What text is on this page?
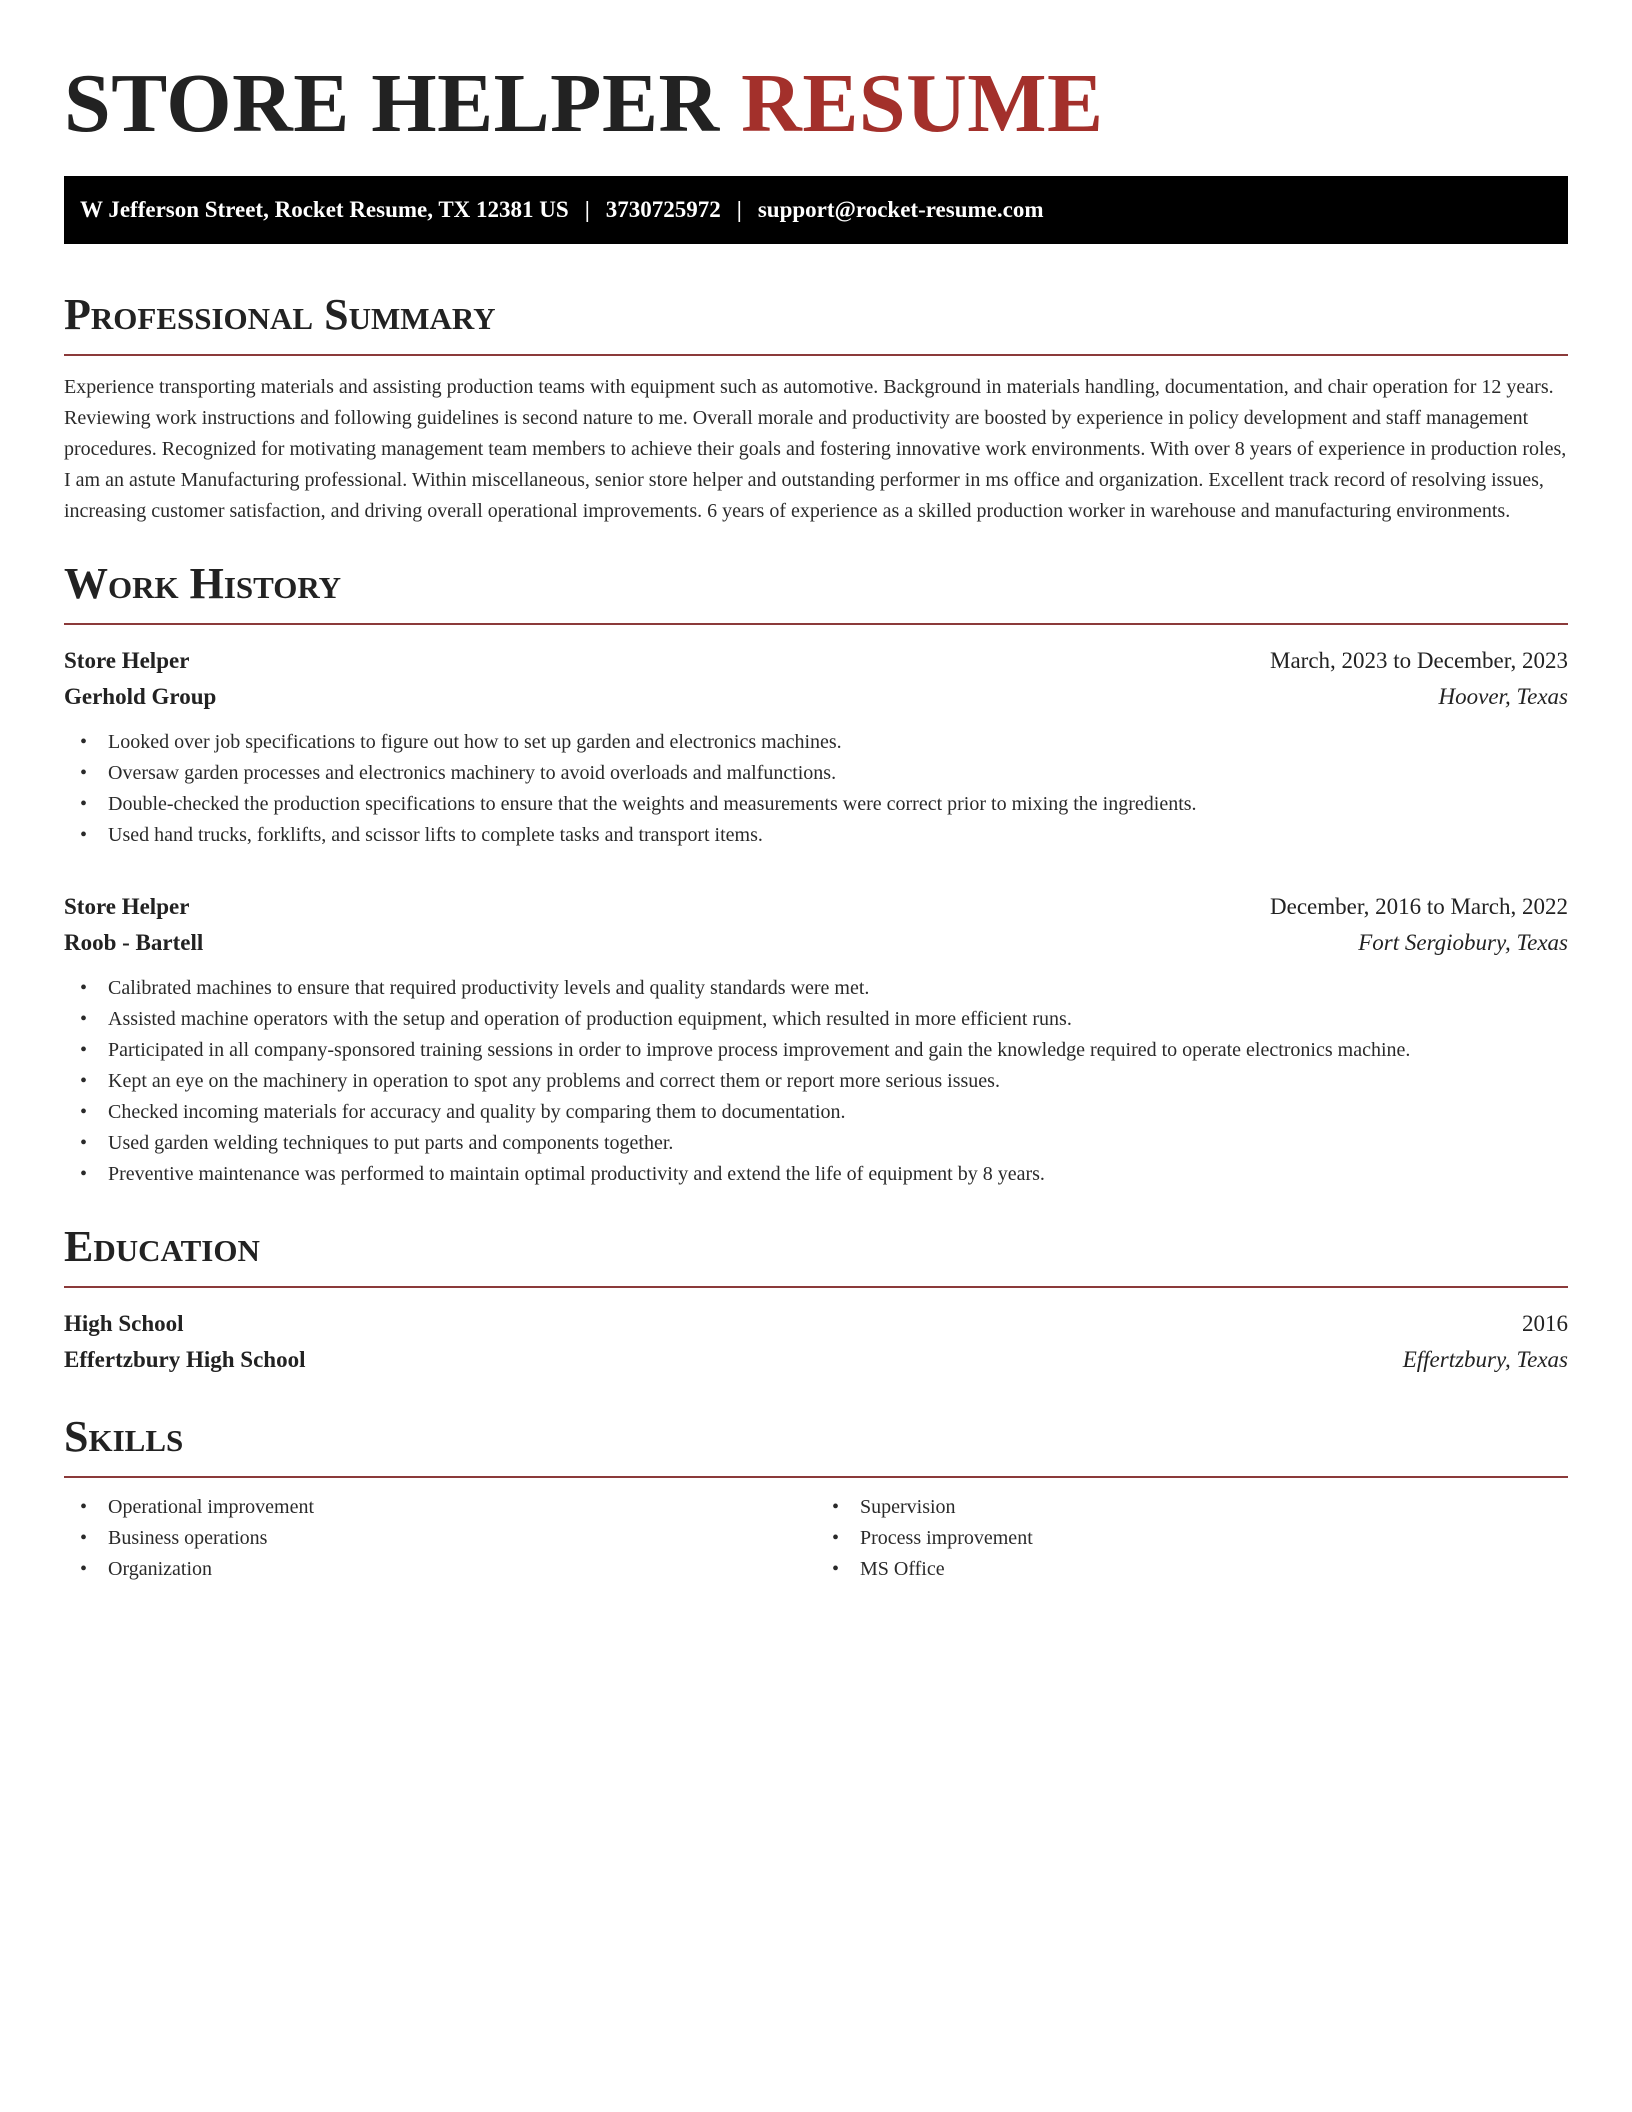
STORE HELPER RESUME
W Jefferson Street, Rocket Resume, TX 12381 US | 3730725972 | support@rocket-resume.com
Professional Summary

Experience transporting materials and assisting production teams with equipment such as automotive. Background in materials handling, documentation, and chair operation for 12 years. Reviewing work instructions and following guidelines is second nature to me. Overall morale and productivity are boosted by experience in policy development and staff management procedures. Recognized for motivating management team members to achieve their goals and fostering innovative work environments. With over 8 years of experience in production roles, I am an astute Manufacturing professional. Within miscellaneous, senior store helper and outstanding performer in ms office and organization. Excellent track record of resolving issues, increasing customer satisfaction, and driving overall operational improvements. 6 years of experience as a skilled production worker in warehouse and manufacturing environments.

Work History
Store Helper	March, 2023 to December, 2023
Gerhold Group	Hoover, Texas
• Looked over job specifications to figure out how to set up garden and electronics machines.
• Oversaw garden processes and electronics machinery to avoid overloads and malfunctions.
• Double-checked the production specifications to ensure that the weights and measurements were correct prior to mixing the ingredients.
• Used hand trucks, forklifts, and scissor lifts to complete tasks and transport items.
Store Helper	December, 2016 to March, 2022
Roob - Bartell	Fort Sergiobury, Texas
• Calibrated machines to ensure that required productivity levels and quality standards were met.
• Assisted machine operators with the setup and operation of production equipment, which resulted in more efficient runs.
• Participated in all company-sponsored training sessions in order to improve process improvement and gain the knowledge required to operate electronics machine.
• Kept an eye on the machinery in operation to spot any problems and correct them or report more serious issues.
• Checked incoming materials for accuracy and quality by comparing them to documentation.
• Used garden welding techniques to put parts and components together.
• Preventive maintenance was performed to maintain optimal productivity and extend the life of equipment by 8 years.
Education
High School	2016
Effertzbury High School	Effertzbury, Texas
Skills
• Operational improvement
• Business operations
• Organization
• Supervision
• Process improvement
• MS Office
